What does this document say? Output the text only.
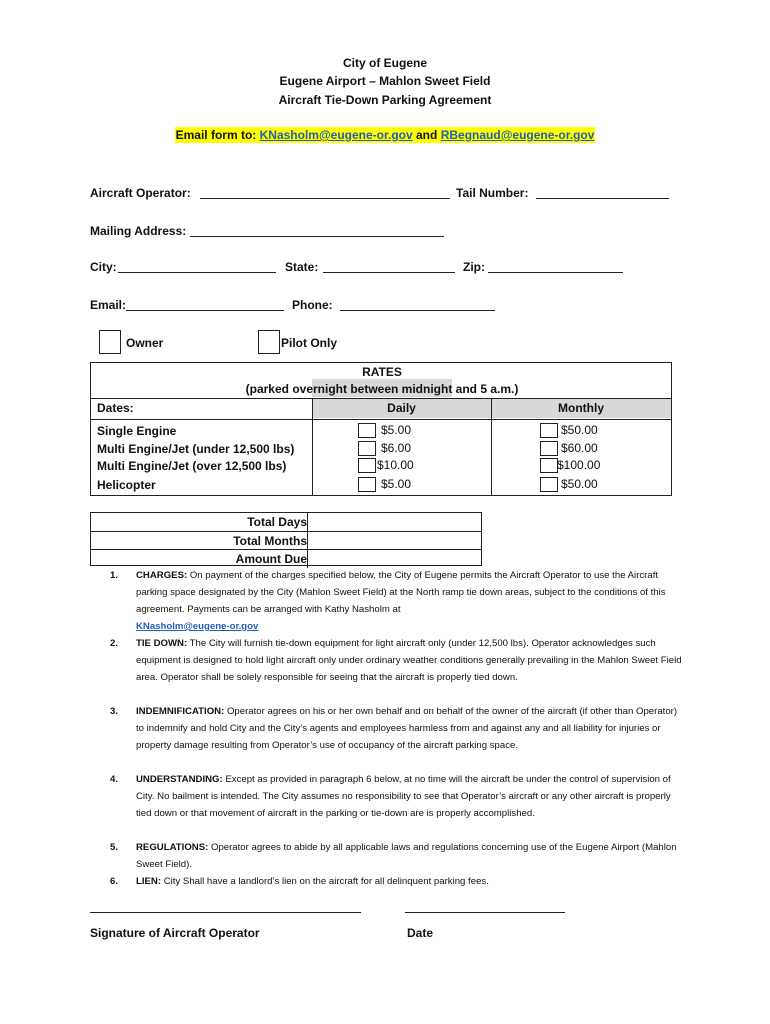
City of Eugene
Eugene Airport – Mahlon Sweet Field
Aircraft Tie-Down Parking Agreement
Email form to: KNasholm@eugene-or.gov and RBegnaud@eugene-or.gov
Aircraft Operator:	Tail Number:
Mailing Address:
City:	State:	Zip:
Email:	Phone:
Owner	Pilot Only
RATES
(parked overnight between midnight and 5 a.m.)
Dates:	Daily	Monthly
Single Engine	$5.00	$50.00
Multi Engine/Jet (under 12,500 lbs)	$6.00	$60.00
Multi Engine/Jet (over 12,500 lbs)	$10.00	$100.00
Helicopter	$5.00	$50.00
Total Days
Total Months
Amount Due
1. CHARGES: On payment of the charges specified below, the City of Eugene permits the Aircraft Operator to use the Aircraft parking space designated by the City (Mahlon Sweet Field) at the North ramp tie down areas, subject to the conditions of this agreement. Payments can be arranged with Kathy Nasholm at
KNasholm@eugene-or.gov
2. TIE DOWN: The City will furnish tie-down equipment for light aircraft only (under 12,500 lbs). Operator acknowledges such equipment is designed to hold light aircraft only under ordinary weather conditions generally prevailing in the Mahlon Sweet Field area. Operator shall be solely responsible for seeing that the aircraft is properly tied down.
3. INDEMNIFICATION: Operator agrees on his or her own behalf and on behalf of the owner of the aircraft (if other than Operator) to indemnify and hold City and the City’s agents and employees harmless from and against any and all liability for injuries or property damage resulting from Operator’s use of occupancy of the aircraft parking space.
4. UNDERSTANDING: Except as provided in paragraph 6 below, at no time will the aircraft be under the control of supervision of City. No bailment is intended. The City assumes no responsibility to see that Operator’s aircraft or any other aircraft is properly tied down or that movement of aircraft in the parking or tie-down are is properly accomplished.
5. REGULATIONS: Operator agrees to abide by all applicable laws and regulations concerning use of the Eugene Airport (Mahlon Sweet Field).
6. LIEN: City Shall have a landlord’s lien on the aircraft for all delinquent parking fees.
Signature of Aircraft Operator	Date
